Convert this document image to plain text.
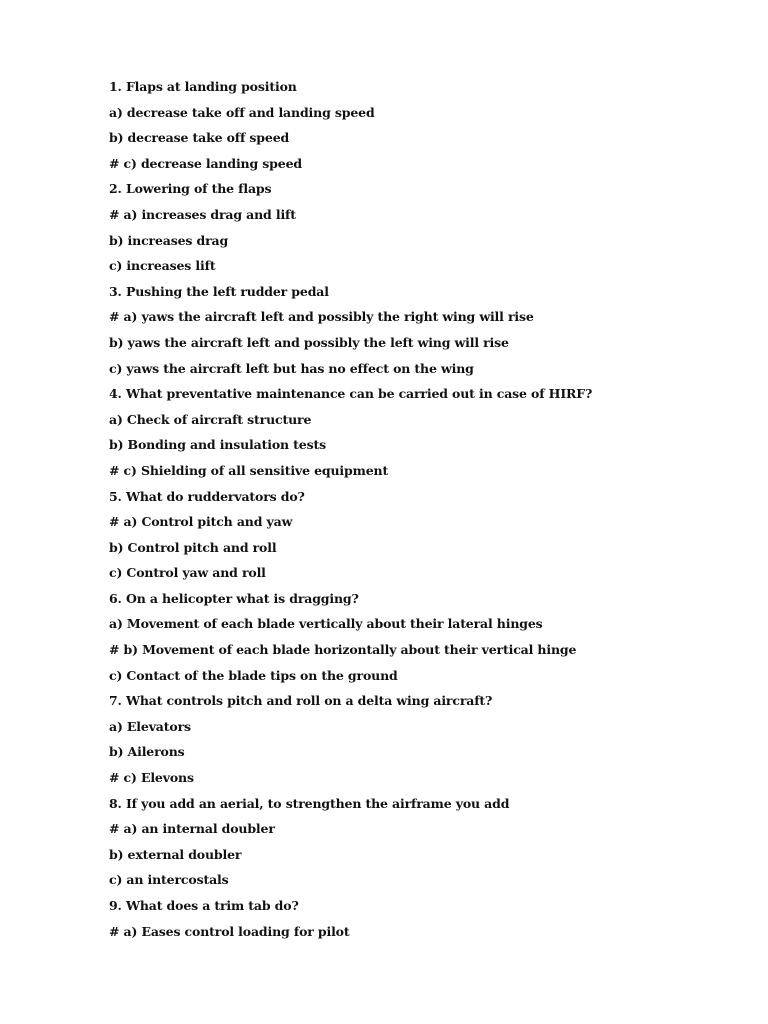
1. Flaps at landing position
a) decrease take off and landing speed
b) decrease take off speed
# c) decrease landing speed
2. Lowering of the flaps
# a) increases drag and lift
b) increases drag
c) increases lift
3. Pushing the left rudder pedal
# a) yaws the aircraft left and possibly the right wing will rise
b) yaws the aircraft left and possibly the left wing will rise
c) yaws the aircraft left but has no effect on the wing
4. What preventative maintenance can be carried out in case of HIRF?
a) Check of aircraft structure
b) Bonding and insulation tests
# c) Shielding of all sensitive equipment
5. What do ruddervators do?
# a) Control pitch and yaw
b) Control pitch and roll
c) Control yaw and roll
6. On a helicopter what is dragging?
a) Movement of each blade vertically about their lateral hinges
# b) Movement of each blade horizontally about their vertical hinge
c) Contact of the blade tips on the ground
7. What controls pitch and roll on a delta wing aircraft?
a) Elevators
b) Ailerons
# c) Elevons
8. If you add an aerial, to strengthen the airframe you add
# a) an internal doubler
b) external doubler
c) an intercostals
9. What does a trim tab do?
# a) Eases control loading for pilot
